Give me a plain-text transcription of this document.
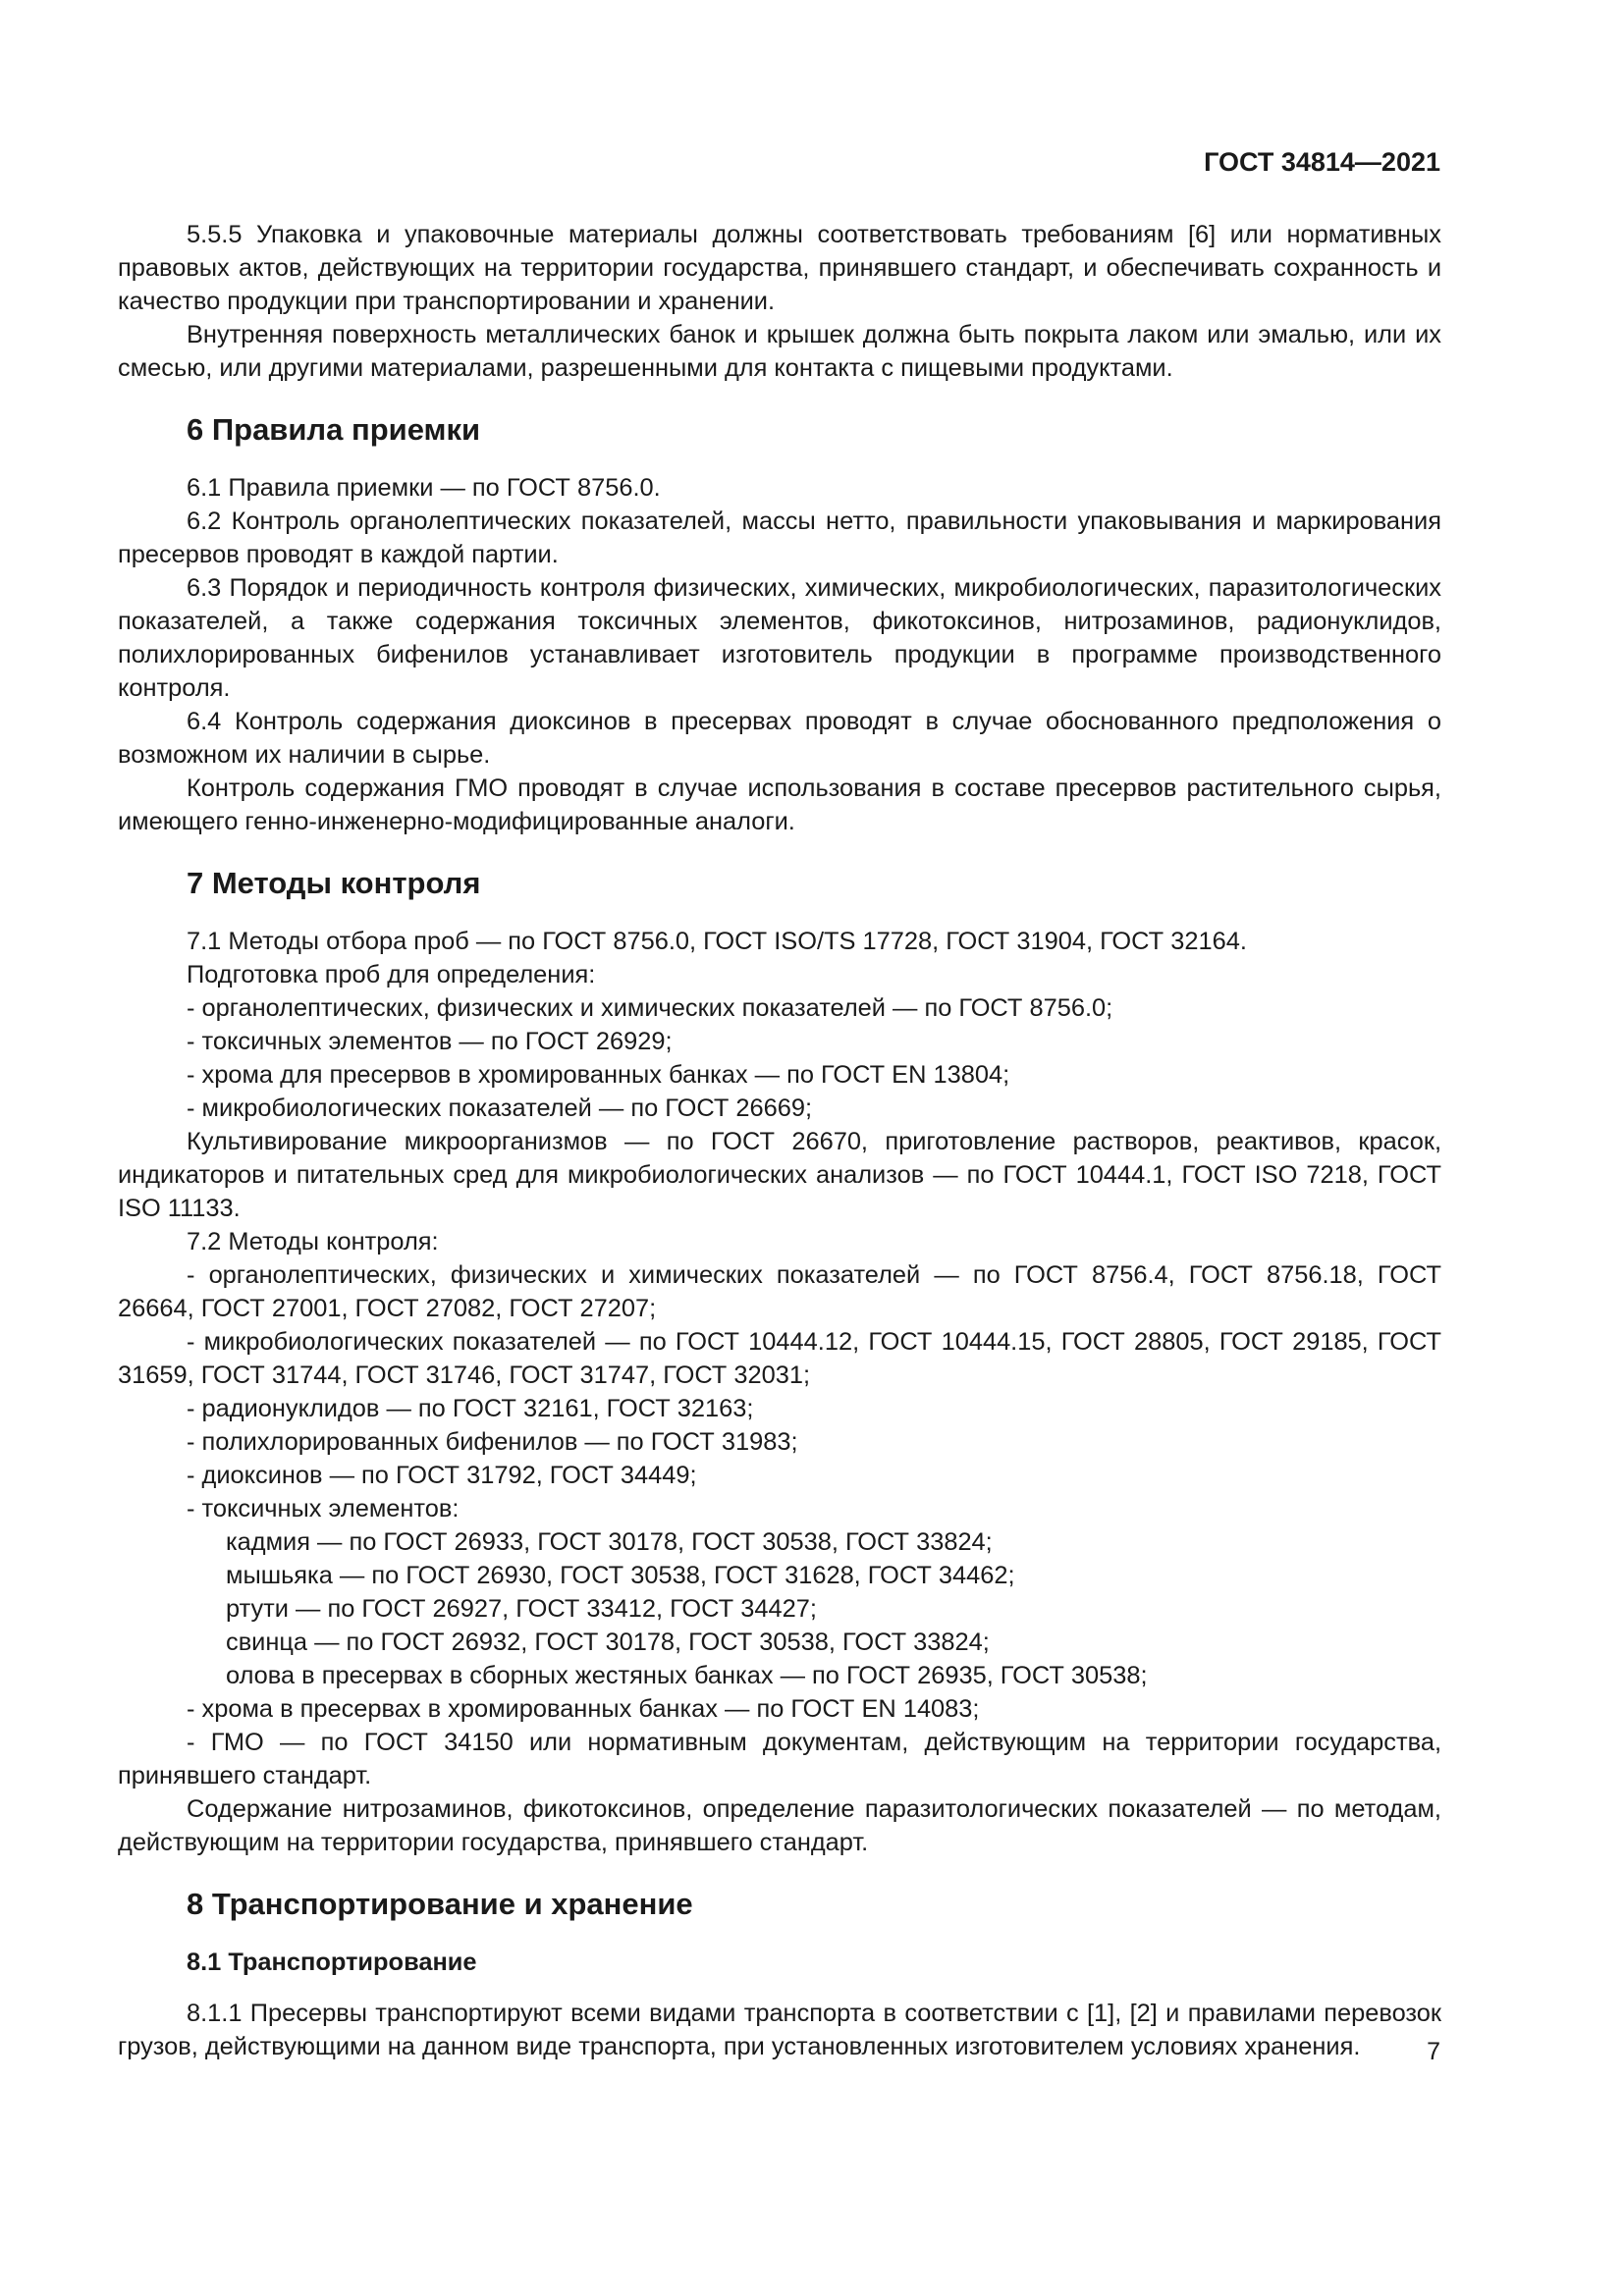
ГОСТ 34814—2021

5.5.5 Упаковка и упаковочные материалы должны соответствовать требованиям [6] или нормативных правовых актов, действующих на территории государства, принявшего стандарт, и обеспечивать сохранность и качество продукции при транспортировании и хранении.

Внутренняя поверхность металлических банок и крышек должна быть покрыта лаком или эмалью, или их смесью, или другими материалами, разрешенными для контакта с пищевыми продуктами.

6 Правила приемки

6.1 Правила приемки — по ГОСТ 8756.0.

6.2 Контроль органолептических показателей, массы нетто, правильности упаковывания и маркирования пресервов проводят в каждой партии.

6.3 Порядок и периодичность контроля физических, химических, микробиологических, паразитологических показателей, а также содержания токсичных элементов, фикотоксинов, нитрозаминов, радионуклидов, полихлорированных бифенилов устанавливает изготовитель продукции в программе производственного контроля.

6.4 Контроль содержания диоксинов в пресервах проводят в случае обоснованного предположения о возможном их наличии в сырье.

Контроль содержания ГМО проводят в случае использования в составе пресервов растительного сырья, имеющего генно-инженерно-модифицированные аналоги.

7 Методы контроля

7.1 Методы отбора проб — по ГОСТ 8756.0, ГОСТ ISO/TS 17728, ГОСТ 31904, ГОСТ 32164.

Подготовка проб для определения:

- органолептических, физических и химических показателей — по ГОСТ 8756.0;

- токсичных элементов — по ГОСТ 26929;

- хрома для пресервов в хромированных банках — по ГОСТ EN 13804;

- микробиологических показателей — по ГОСТ 26669;

Культивирование микроорганизмов — по ГОСТ 26670, приготовление растворов, реактивов, красок, индикаторов и питательных сред для микробиологических анализов — по ГОСТ 10444.1, ГОСТ ISO 7218, ГОСТ ISO 11133.

7.2 Методы контроля:

- органолептических, физических и химических показателей — по ГОСТ 8756.4, ГОСТ 8756.18, ГОСТ 26664, ГОСТ 27001, ГОСТ 27082, ГОСТ 27207;

- микробиологических показателей — по ГОСТ 10444.12, ГОСТ 10444.15, ГОСТ 28805, ГОСТ 29185, ГОСТ 31659, ГОСТ 31744, ГОСТ 31746, ГОСТ 31747, ГОСТ 32031;

- радионуклидов — по ГОСТ 32161, ГОСТ 32163;

- полихлорированных бифенилов — по ГОСТ 31983;

- диоксинов — по ГОСТ 31792, ГОСТ 34449;

- токсичных элементов:

кадмия — по ГОСТ 26933, ГОСТ 30178, ГОСТ 30538, ГОСТ 33824;

мышьяка — по ГОСТ 26930, ГОСТ 30538, ГОСТ 31628, ГОСТ 34462;

ртути — по ГОСТ 26927, ГОСТ 33412, ГОСТ 34427;

свинца — по ГОСТ 26932, ГОСТ 30178, ГОСТ 30538, ГОСТ 33824;

олова в пресервах в сборных жестяных банках — по ГОСТ 26935, ГОСТ 30538;

- хрома в пресервах в хромированных банках — по ГОСТ EN 14083;

- ГМО — по ГОСТ 34150 или нормативным документам, действующим на территории государства, принявшего стандарт.

Содержание нитрозаминов, фикотоксинов, определение паразитологических показателей — по методам, действующим на территории государства, принявшего стандарт.

8 Транспортирование и хранение

8.1 Транспортирование

8.1.1 Пресервы транспортируют всеми видами транспорта в соответствии с [1], [2] и правилами перевозок грузов, действующими на данном виде транспорта, при установленных изготовителем условиях хранения.	7
